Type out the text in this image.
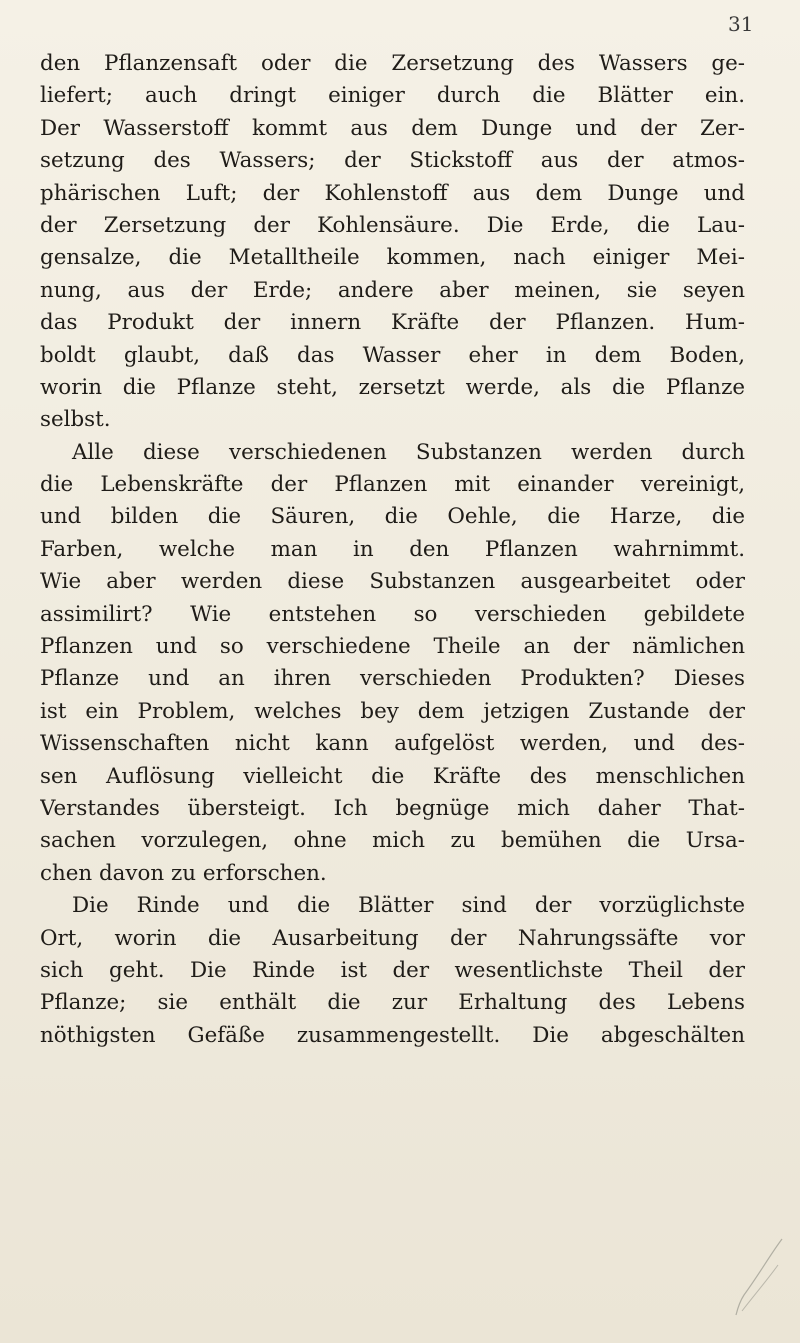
31
den Pflanzensaft oder die Zersetzung des Wassers ge-
liefert; auch dringt einiger durch die Blätter ein.
Der Wasserstoff kommt aus dem Dunge und der Zer-
setzung des Wassers; der Stickstoff aus der atmos-
phärischen Luft; der Kohlenstoff aus dem Dunge und
der Zersetzung der Kohlensäure. Die Erde, die Lau-
gensalze, die Metalltheile kommen, nach einiger Mei-
nung, aus der Erde; andere aber meinen, sie seyen
das Produkt der innern Kräfte der Pflanzen. Hum-
boldt glaubt, daß das Wasser eher in dem Boden,
worin die Pflanze steht, zersetzt werde, als die Pflanze
selbst.
Alle diese verschiedenen Substanzen werden durch
die Lebenskräfte der Pflanzen mit einander vereinigt,
und bilden die Säuren, die Oehle, die Harze, die
Farben, welche man in den Pflanzen wahrnimmt.
Wie aber werden diese Substanzen ausgearbeitet oder
assimilirt? Wie entstehen so verschieden gebildete
Pflanzen und so verschiedene Theile an der nämlichen
Pflanze und an ihren verschieden Produkten? Dieses
ist ein Problem, welches bey dem jetzigen Zustande der
Wissenschaften nicht kann aufgelöst werden, und des-
sen Auflösung vielleicht die Kräfte des menschlichen
Verstandes übersteigt. Ich begnüge mich daher That-
sachen vorzulegen, ohne mich zu bemühen die Ursa-
chen davon zu erforschen.
Die Rinde und die Blätter sind der vorzüglichste
Ort, worin die Ausarbeitung der Nahrungssäfte vor
sich geht. Die Rinde ist der wesentlichste Theil der
Pflanze; sie enthält die zur Erhaltung des Lebens
nöthigsten Gefäße zusammengestellt. Die abgeschälten
